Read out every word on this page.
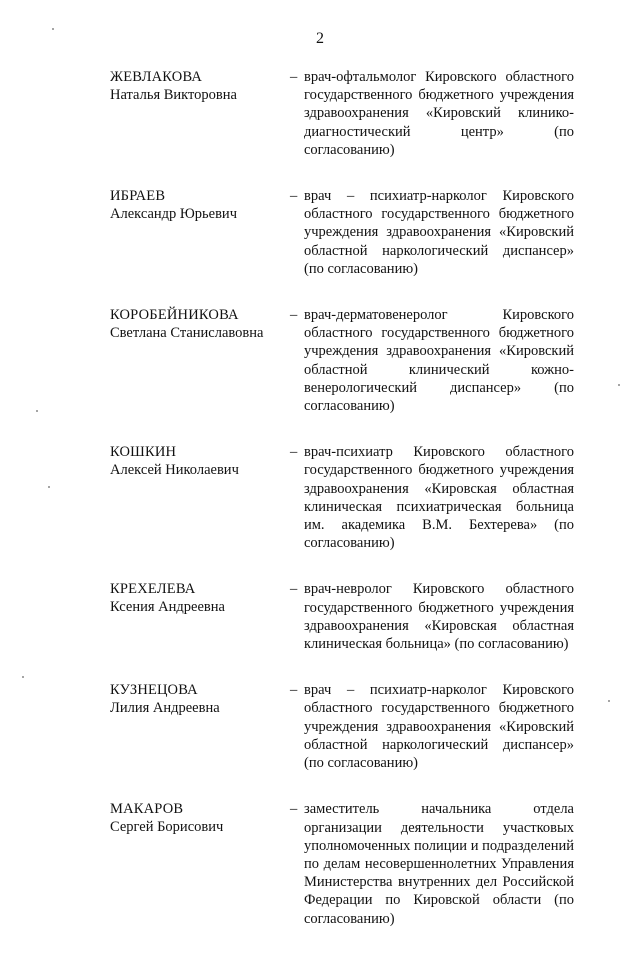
2
ЖЕВЛАКОВА
Наталья Викторовна
– врач-офтальмолог Кировского областного государственного бюджетного учреждения здравоохранения «Кировский клинико-диагностический центр» (по согласованию)
ИБРАЕВ
Александр Юрьевич
– врач – психиатр-нарколог Кировского областного государственного бюджетного учреждения здравоохранения «Кировский областной наркологический диспансер» (по согласованию)
КОРОБЕЙНИКОВА
Светлана Станиславовна
– врач-дерматовенеролог Кировского областного государственного бюджетного учреждения здравоохранения «Кировский областной клинический кожно-венерологический диспансер» (по согласованию)
КОШКИН
Алексей Николаевич
– врач-психиатр Кировского областного государственного бюджетного учреждения здравоохранения «Кировская областная клиническая психиатрическая больница им. академика В.М. Бехтерева» (по согласованию)
КРЕХЕЛЕВА
Ксения Андреевна
– врач-невролог Кировского областного государственного бюджетного учреждения здравоохранения «Кировская областная клиническая больница» (по согласованию)
КУЗНЕЦОВА
Лилия Андреевна
– врач – психиатр-нарколог Кировского областного государственного бюджетного учреждения здравоохранения «Кировский областной наркологический диспансер» (по согласованию)
МАКАРОВ
Сергей Борисович
– заместитель начальника отдела организации деятельности участковых уполномоченных полиции и подразделений по делам несовершеннолетних Управления Министерства внутренних дел Российской Федерации по Кировской области (по согласованию)
